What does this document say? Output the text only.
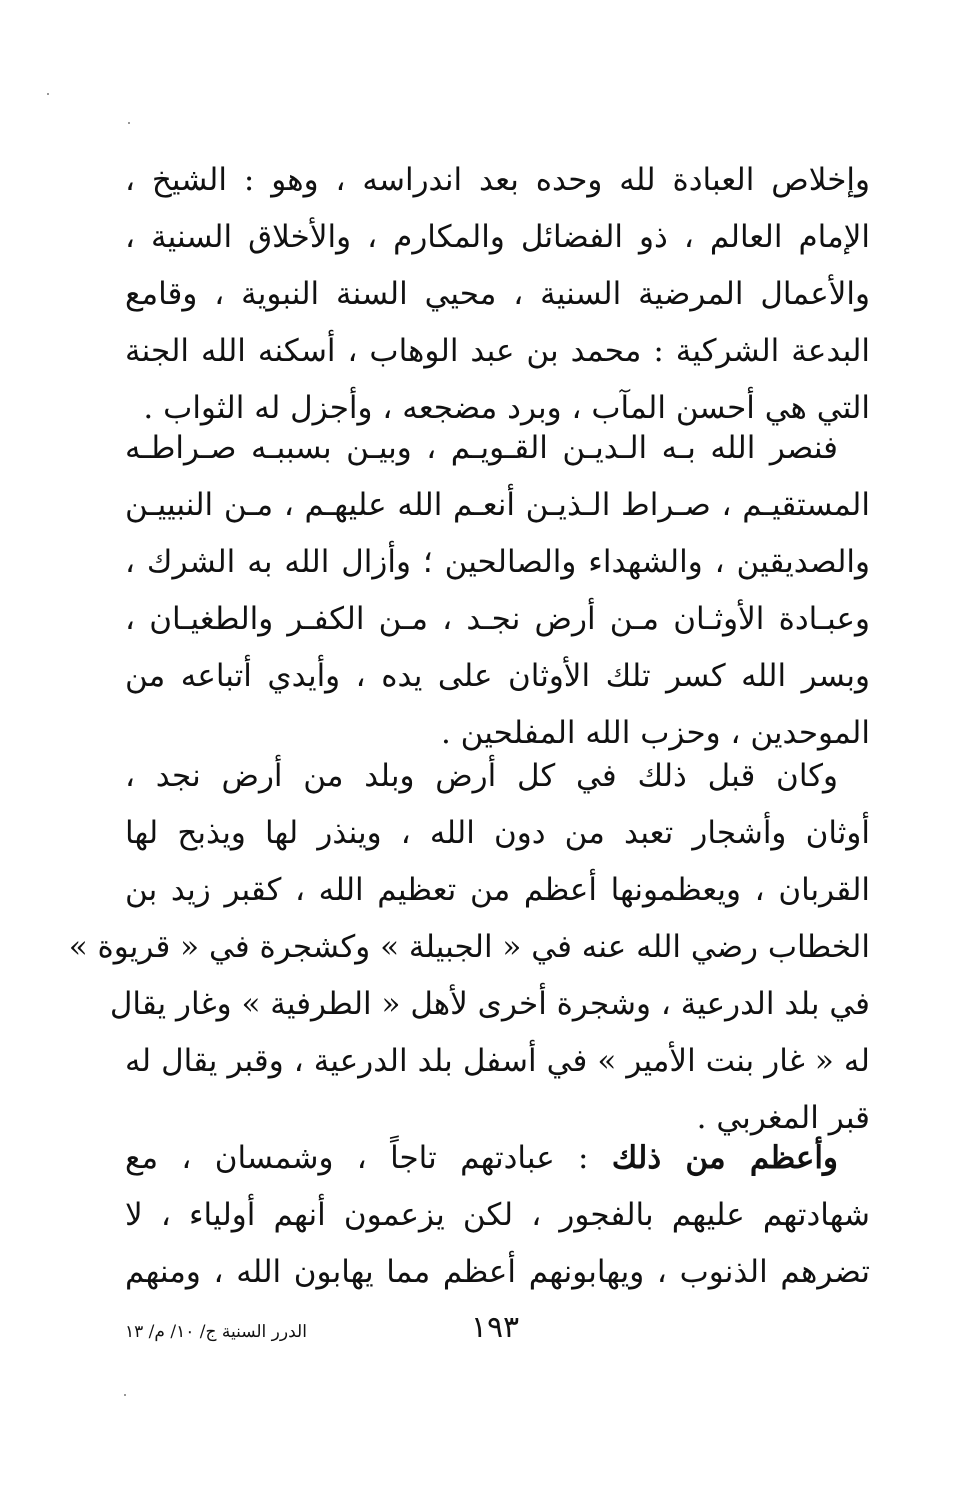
وإخلاص العبادة لله وحده بعد اندراسه ، وهو : الشيخ ،
الإمام العالم ، ذو الفضائل والمكارم ، والأخلاق السنية ،
والأعمال المرضية السنية ، محيي السنة النبوية ، وقامع
البدعة الشركية : محمد بن عبد الوهاب ، أسكنه الله الجنة
التي هي أحسن المآب ، وبرد مضجعه ، وأجزل له الثواب .
فنصر الله بـه الـديـن القـويـم ، وبيـن بسببـه صـراطـه
المستقيـم ، صـراط الـذيـن أنعـم الله عليهـم ، مـن النبييـن
والصديقين ، والشهداء والصالحين ؛ وأزال الله به الشرك ،
وعبـادة الأوثـان مـن أرض نجـد ، مـن الكفـر والطغيـان ،
وبسر الله كسر تلك الأوثان على يده ، وأيدي أتباعه من
الموحدين ، وحزب الله المفلحين .
وكان قبل ذلك في كل أرض وبلد من أرض نجد ،
أوثان وأشجار تعبد من دون الله ، وينذر لها ويذبح لها
القربان ، ويعظمونها أعظم من تعظيم الله ، كقبر زيد بن
الخطاب رضي الله عنه في « الجبيلة » وكشجرة في « قريوة »
في بلد الدرعية ، وشجرة أخرى لأهل « الطرفية » وغار يقال
له « غار بنت الأمير » في أسفل بلد الدرعية ، وقبر يقال له
قبر المغربي .
وأعظم من ذلك : عبادتهم تاجاً ، وشمسان ، مع
شهادتهم عليهم بالفجور ، لكن يزعمون أنهم أولياء ، لا
تضرهم الذنوب ، ويهابونهم أعظم مما يهابون الله ، ومنهم
١٩٣
الدرر السنية ج/ ١٠/ م/ ١٣
